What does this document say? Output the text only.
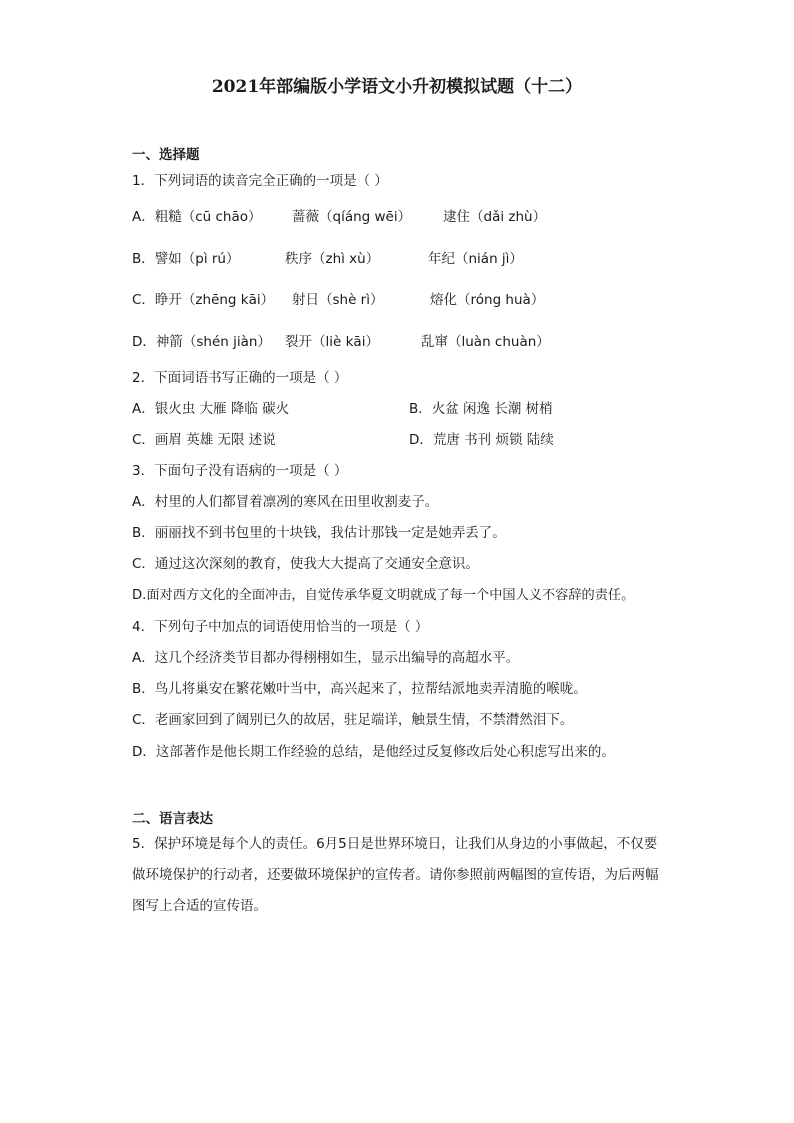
2021年部编版小学语文小升初模拟试题（十二）
一、选择题
1．下列词语的读音完全正确的一项是（ ）
A．粗糙（cū chāo） 蔷薇（qíáng wēi） 逮住（dǎi zhù）
B．譬如（pì rú）	秩序（zhì xù）	年纪（nián jì）
C．睁开（zhēng kāi） 射日（shè rì）	熔化（róng huà）
D．神箭（shén jiàn） 裂开（liè kāi）	乱窜（luàn chuàn）
2．下面词语书写正确的一项是（ ）
A．银火虫 大雁 降临 碳火	B．火盆 闲逸 长潮 树梢
C．画眉 英雄 无限 述说	D．荒唐 书刊 烦锁 陆续
3．下面句子没有语病的一项是（ ）
A．村里的人们都冒着凛冽的寒风在田里收割麦子。
B．丽丽找不到书包里的十块钱，我估计那钱一定是她弄丢了。
C．通过这次深刻的教育，使我大大提高了交通安全意识。
D.面对西方文化的全面冲击，自觉传承华夏文明就成了每一个中国人义不容辞的责任。
4．下列句子中加点的词语使用恰当的一项是（ ）
A．这几个经济类节目都办得栩栩如生，显示出编导的高超水平。
B．鸟儿将巢安在繁花嫩叶当中，高兴起来了，拉帮结派地卖弄清脆的喉咙。
C．老画家回到了阔别已久的故居，驻足端详，触景生情，不禁潸然泪下。
D．这部著作是他长期工作经验的总结，是他经过反复修改后处心积虑写出来的。
二、语言表达
5．保护环境是每个人的责任。6月5日是世界环境日，让我们从身边的小事做起，不仅要做环境保护的行动者，还要做环境保护的宣传者。请你参照前两幅图的宣传语，为后两幅图写上合适的宣传语。
